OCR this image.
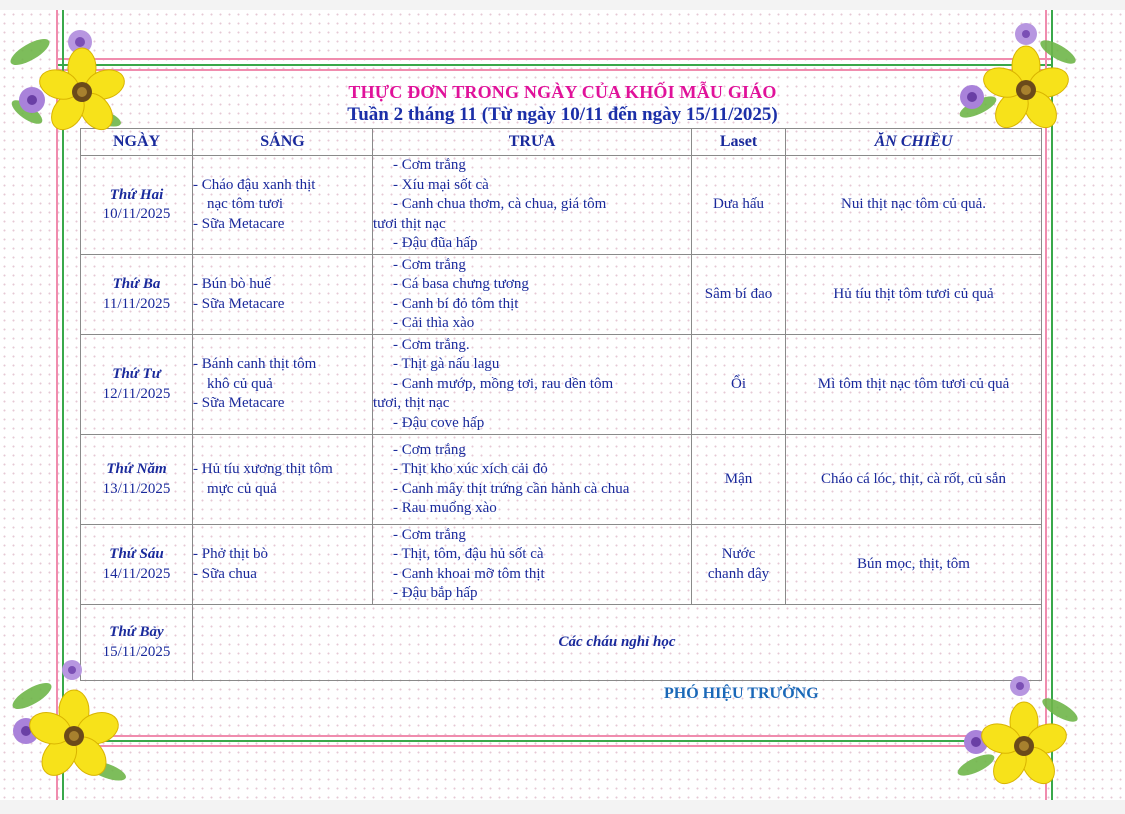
THỰC ĐƠN TRONG NGÀY CỦA KHỐI MẪU GIÁO
Tuần 2 tháng 11 (Từ ngày 10/11 đến ngày 15/11/2025)
NGÀY	SÁNG	TRƯA	Laset	ĂN CHIỀU

Thứ Hai
10/11/2025	- Cháo đậu xanh thịt
nạc tôm tươi
- Sữa Metacare	- Cơm trắng
- Xíu mại sốt cà
- Canh chua thơm, cà chua, giá tôm
tươi thịt nạc
- Đậu đũa hấp	Dưa hấu	Nui thịt nạc tôm củ quả.

Thứ Ba
11/11/2025	- Bún bò huế
- Sữa Metacare	- Cơm trắng
- Cá basa chưng tương
- Canh bí đỏ tôm thịt
- Cải thìa xào	Sâm bí đao	Hủ tíu thịt tôm tươi củ quả

Thứ Tư
12/11/2025	- Bánh canh thịt tôm
khô củ quả
- Sữa Metacare	- Cơm trắng.
- Thịt gà nấu lagu
- Canh mướp, mồng tơi, rau dền tôm
tươi, thịt nạc
- Đậu cove hấp	Ổi	Mì tôm thịt nạc tôm tươi củ quả

Thứ Năm
13/11/2025	- Hủ tíu xương thịt tôm
mực củ quả	- Cơm trắng
- Thịt kho xúc xích cải đỏ
- Canh mây thịt trứng cần hành cà chua
- Rau muống xào	Mận	Cháo cá lóc, thịt, cà rốt, củ sắn

Thứ Sáu
14/11/2025	- Phở thịt bò
- Sữa chua	- Cơm trắng
- Thịt, tôm, đậu hủ sốt cà
- Canh khoai mỡ tôm thịt
- Đậu bắp hấp	Nước
chanh dây	Bún mọc, thịt, tôm

Thứ Bảy
15/11/2025	Các cháu nghỉ học			
PHÓ HIỆU TRƯỞNG
